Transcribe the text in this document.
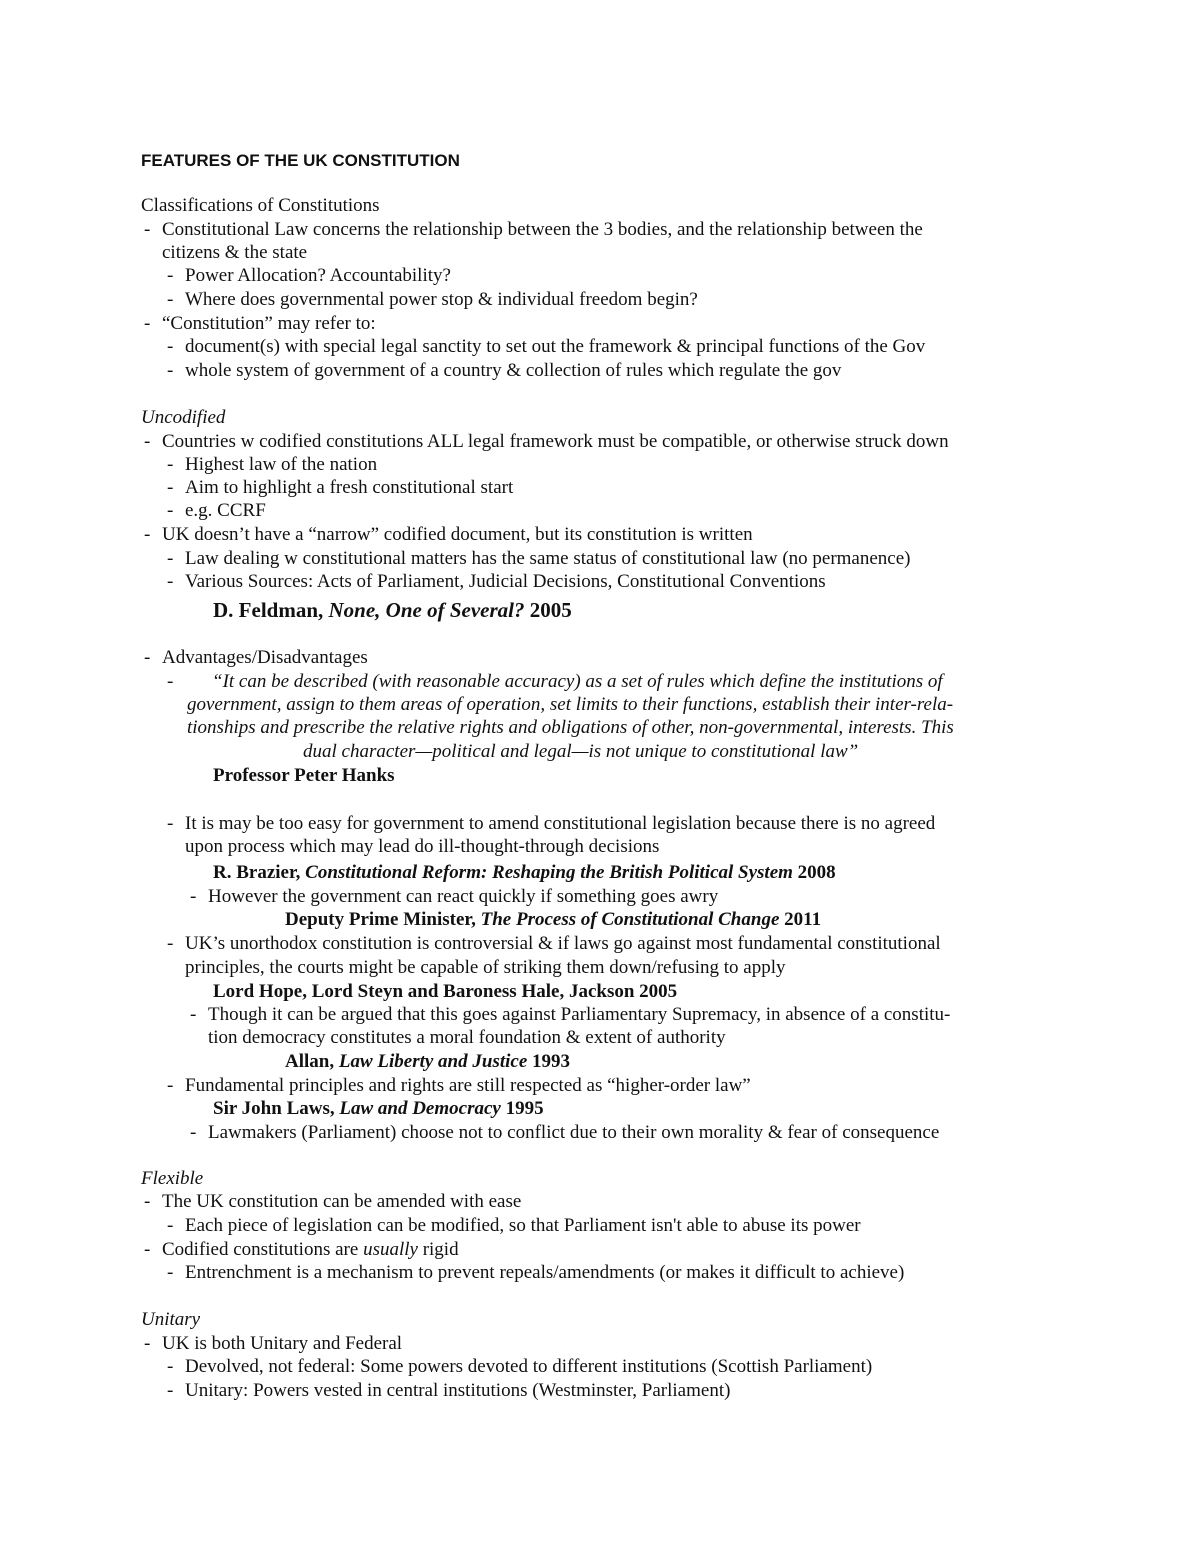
FEATURES OF THE UK CONSTITUTION
Classifications of Constitutions
- Constitutional Law concerns the relationship between the 3 bodies, and the relationship between the
citizens & the state
- Power Allocation? Accountability?
- Where does governmental power stop & individual freedom begin?
- “Constitution” may refer to:
- document(s) with special legal sanctity to set out the framework & principal functions of the Gov
- whole system of government of a country & collection of rules which regulate the gov
Uncodified
- Countries w codified constitutions ALL legal framework must be compatible, or otherwise struck down
- Highest law of the nation
- Aim to highlight a fresh constitutional start
- e.g. CCRF
- UK doesn’t have a “narrow” codified document, but its constitution is written
- Law dealing w constitutional matters has the same status of constitutional law (no permanence)
- Various Sources: Acts of Parliament, Judicial Decisions, Constitutional Conventions
D. Feldman, None, One of Several? 2005
- Advantages/Disadvantages
- “It can be described (with reasonable accuracy) as a set of rules which define the institutions of
government, assign to them areas of operation, set limits to their functions, establish their inter-rela-
tionships and prescribe the relative rights and obligations of other, non-governmental, interests. This
dual character—political and legal—is not unique to constitutional law”
Professor Peter Hanks
- It is may be too easy for government to amend constitutional legislation because there is no agreed
upon process which may lead do ill-thought-through decisions
R. Brazier, Constitutional Reform: Reshaping the British Political System 2008
- However the government can react quickly if something goes awry
Deputy Prime Minister, The Process of Constitutional Change 2011
- UK’s unorthodox constitution is controversial & if laws go against most fundamental constitutional
principles, the courts might be capable of striking them down/refusing to apply
Lord Hope, Lord Steyn and Baroness Hale, Jackson 2005
- Though it can be argued that this goes against Parliamentary Supremacy, in absence of a constitu-
tion democracy constitutes a moral foundation & extent of authority
Allan, Law Liberty and Justice 1993
- Fundamental principles and rights are still respected as “higher-order law”
Sir John Laws, Law and Democracy 1995
- Lawmakers (Parliament) choose not to conflict due to their own morality & fear of consequence
Flexible
- The UK constitution can be amended with ease
- Each piece of legislation can be modified, so that Parliament isn't able to abuse its power
- Codified constitutions are usually rigid
- Entrenchment is a mechanism to prevent repeals/amendments (or makes it difficult to achieve)
Unitary
- UK is both Unitary and Federal
- Devolved, not federal: Some powers devoted to different institutions (Scottish Parliament)
- Unitary: Powers vested in central institutions (Westminster, Parliament)
